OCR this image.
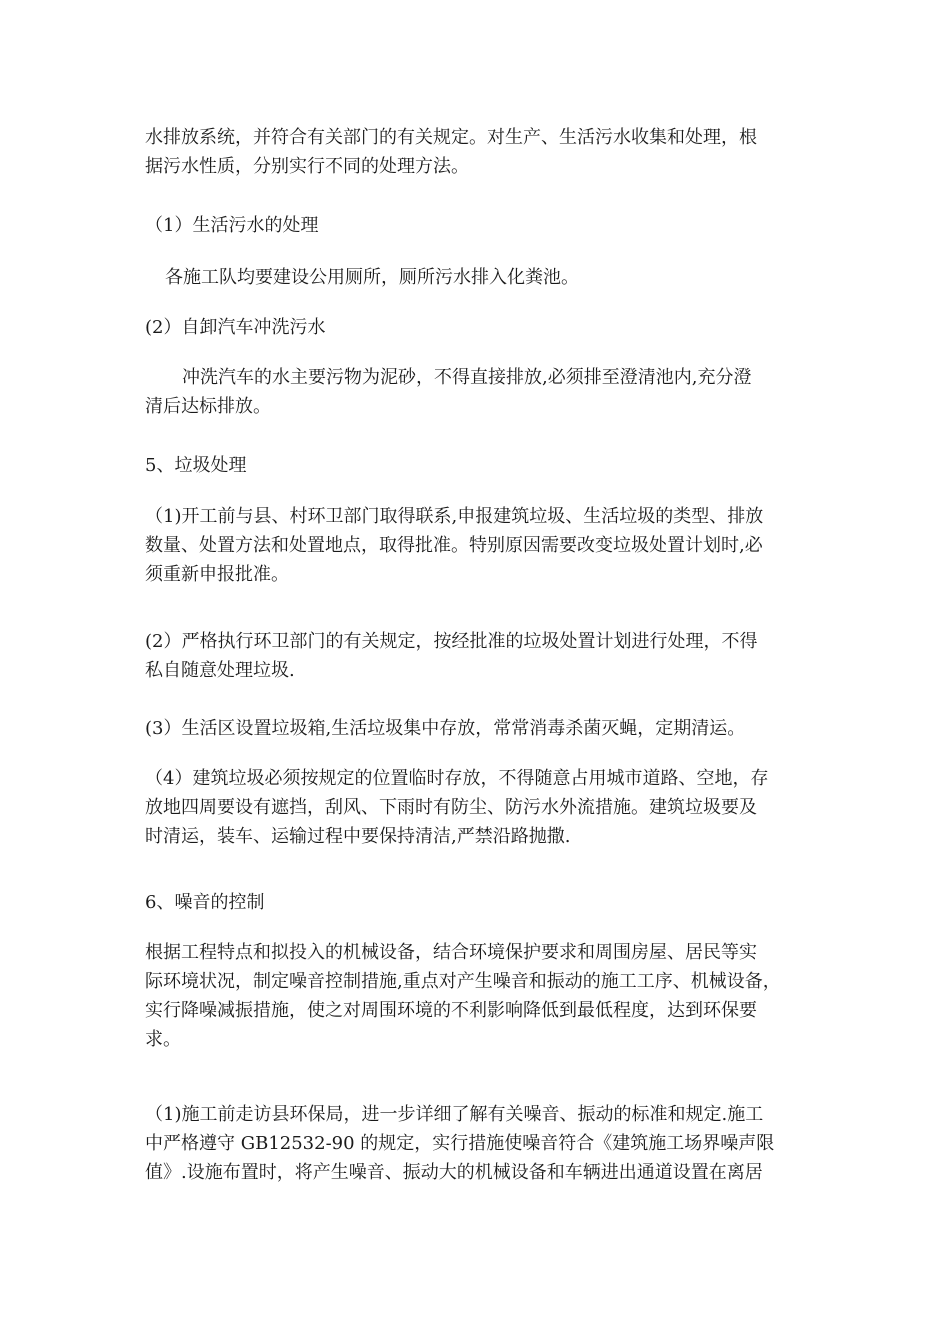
水排放系统，并符合有关部门的有关规定。对生产、生活污水收集和处理，根
据污水性质，分别实行不同的处理方法。

（1）生活污水的处理

各施工队均要建设公用厕所，厕所污水排入化粪池。

(2）自卸汽车冲洗污水

冲洗汽车的水主要污物为泥砂，不得直接排放,必须排至澄清池内,充分澄
清后达标排放。

5、垃圾处理

（1)开工前与县、村环卫部门取得联系,申报建筑垃圾、生活垃圾的类型、排放
数量、处置方法和处置地点，取得批准。特别原因需要改变垃圾处置计划时,必
须重新申报批准。

(2）严格执行环卫部门的有关规定，按经批准的垃圾处置计划进行处理，不得
私自随意处理垃圾.

(3）生活区设置垃圾箱,生活垃圾集中存放，常常消毒杀菌灭蝇，定期清运。

（4）建筑垃圾必须按规定的位置临时存放，不得随意占用城市道路、空地，存
放地四周要设有遮挡，刮风、下雨时有防尘、防污水外流措施。建筑垃圾要及
时清运，装车、运输过程中要保持清洁,严禁沿路抛撒.

6、噪音的控制

根据工程特点和拟投入的机械设备，结合环境保护要求和周围房屋、居民等实
际环境状况，制定噪音控制措施,重点对产生噪音和振动的施工工序、机械设备，
实行降噪减振措施，使之对周围环境的不利影响降低到最低程度，达到环保要
求。

（1)施工前走访县环保局，进一步详细了解有关噪音、振动的标准和规定.施工
中严格遵守 GB12532-90 的规定，实行措施使噪音符合《建筑施工场界噪声限
值》.设施布置时，将产生噪音、振动大的机械设备和车辆进出通道设置在离居
